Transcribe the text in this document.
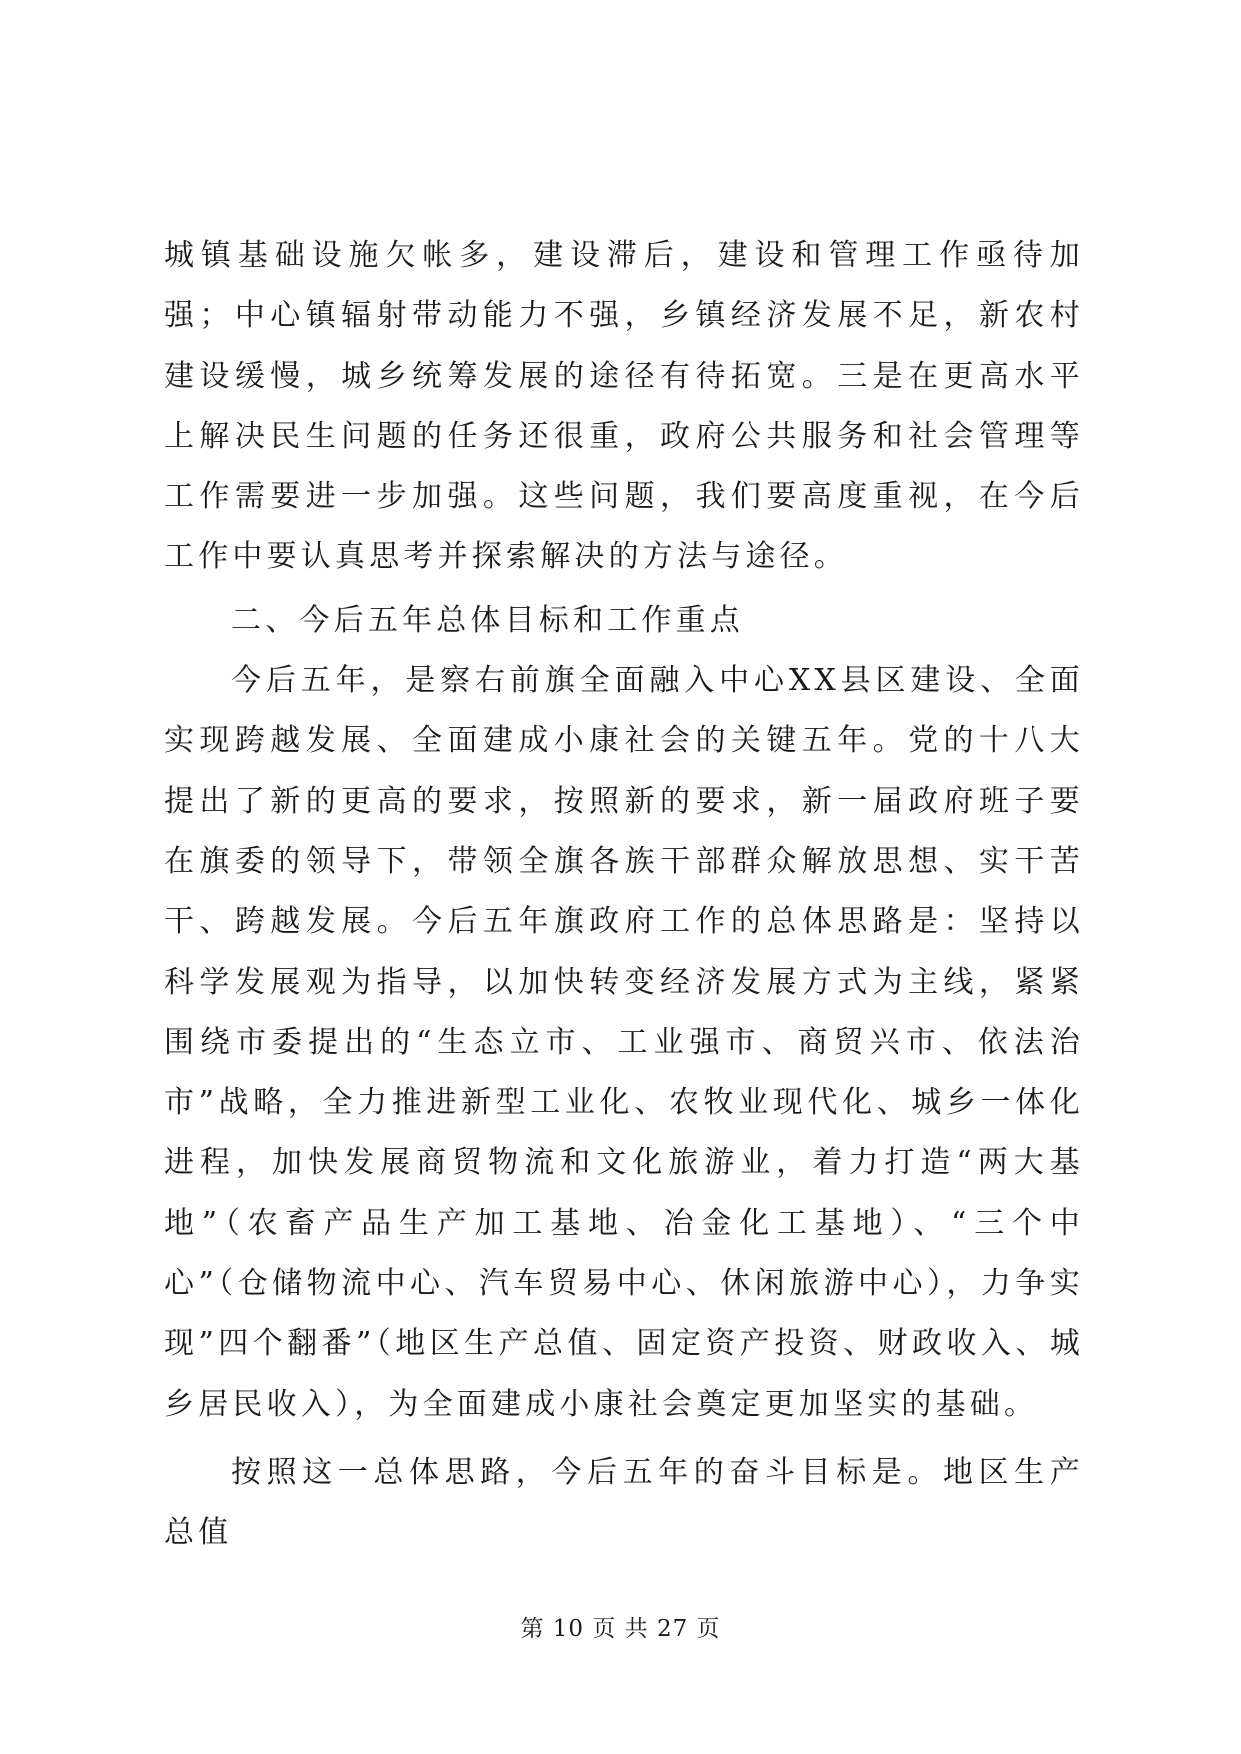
城镇基础设施欠帐多，建设滞后，建设和管理工作亟待加强；中心镇辐射带动能力不强，乡镇经济发展不足，新农村建设缓慢，城乡统筹发展的途径有待拓宽。三是在更高水平上解决民生问题的任务还很重，政府公共服务和社会管理等工作需要进一步加强。这些问题，我们要高度重视，在今后工作中要认真思考并探索解决的方法与途径。

二、今后五年总体目标和工作重点

今后五年，是察右前旗全面融入中心XX县区建设、全面实现跨越发展、全面建成小康社会的关键五年。党的十八大提出了新的更高的要求，按照新的要求，新一届政府班子要在旗委的领导下，带领全旗各族干部群众解放思想、实干苦干、跨越发展。今后五年旗政府工作的总体思路是：坚持以科学发展观为指导，以加快转变经济发展方式为主线，紧紧围绕市委提出的“生态立市、工业强市、商贸兴市、依法治市”战略，全力推进新型工业化、农牧业现代化、城乡一体化进程，加快发展商贸物流和文化旅游业，着力打造“两大基地”（农畜产品生产加工基地、冶金化工基地）、“三个中心”（仓储物流中心、汽车贸易中心、休闲旅游中心），力争实现”四个翻番”（地区生产总值、固定资产投资、财政收入、城乡居民收入），为全面建成小康社会奠定更加坚实的基础。

按照这一总体思路，今后五年的奋斗目标是。地区生产总值

第 10 页 共 27 页
